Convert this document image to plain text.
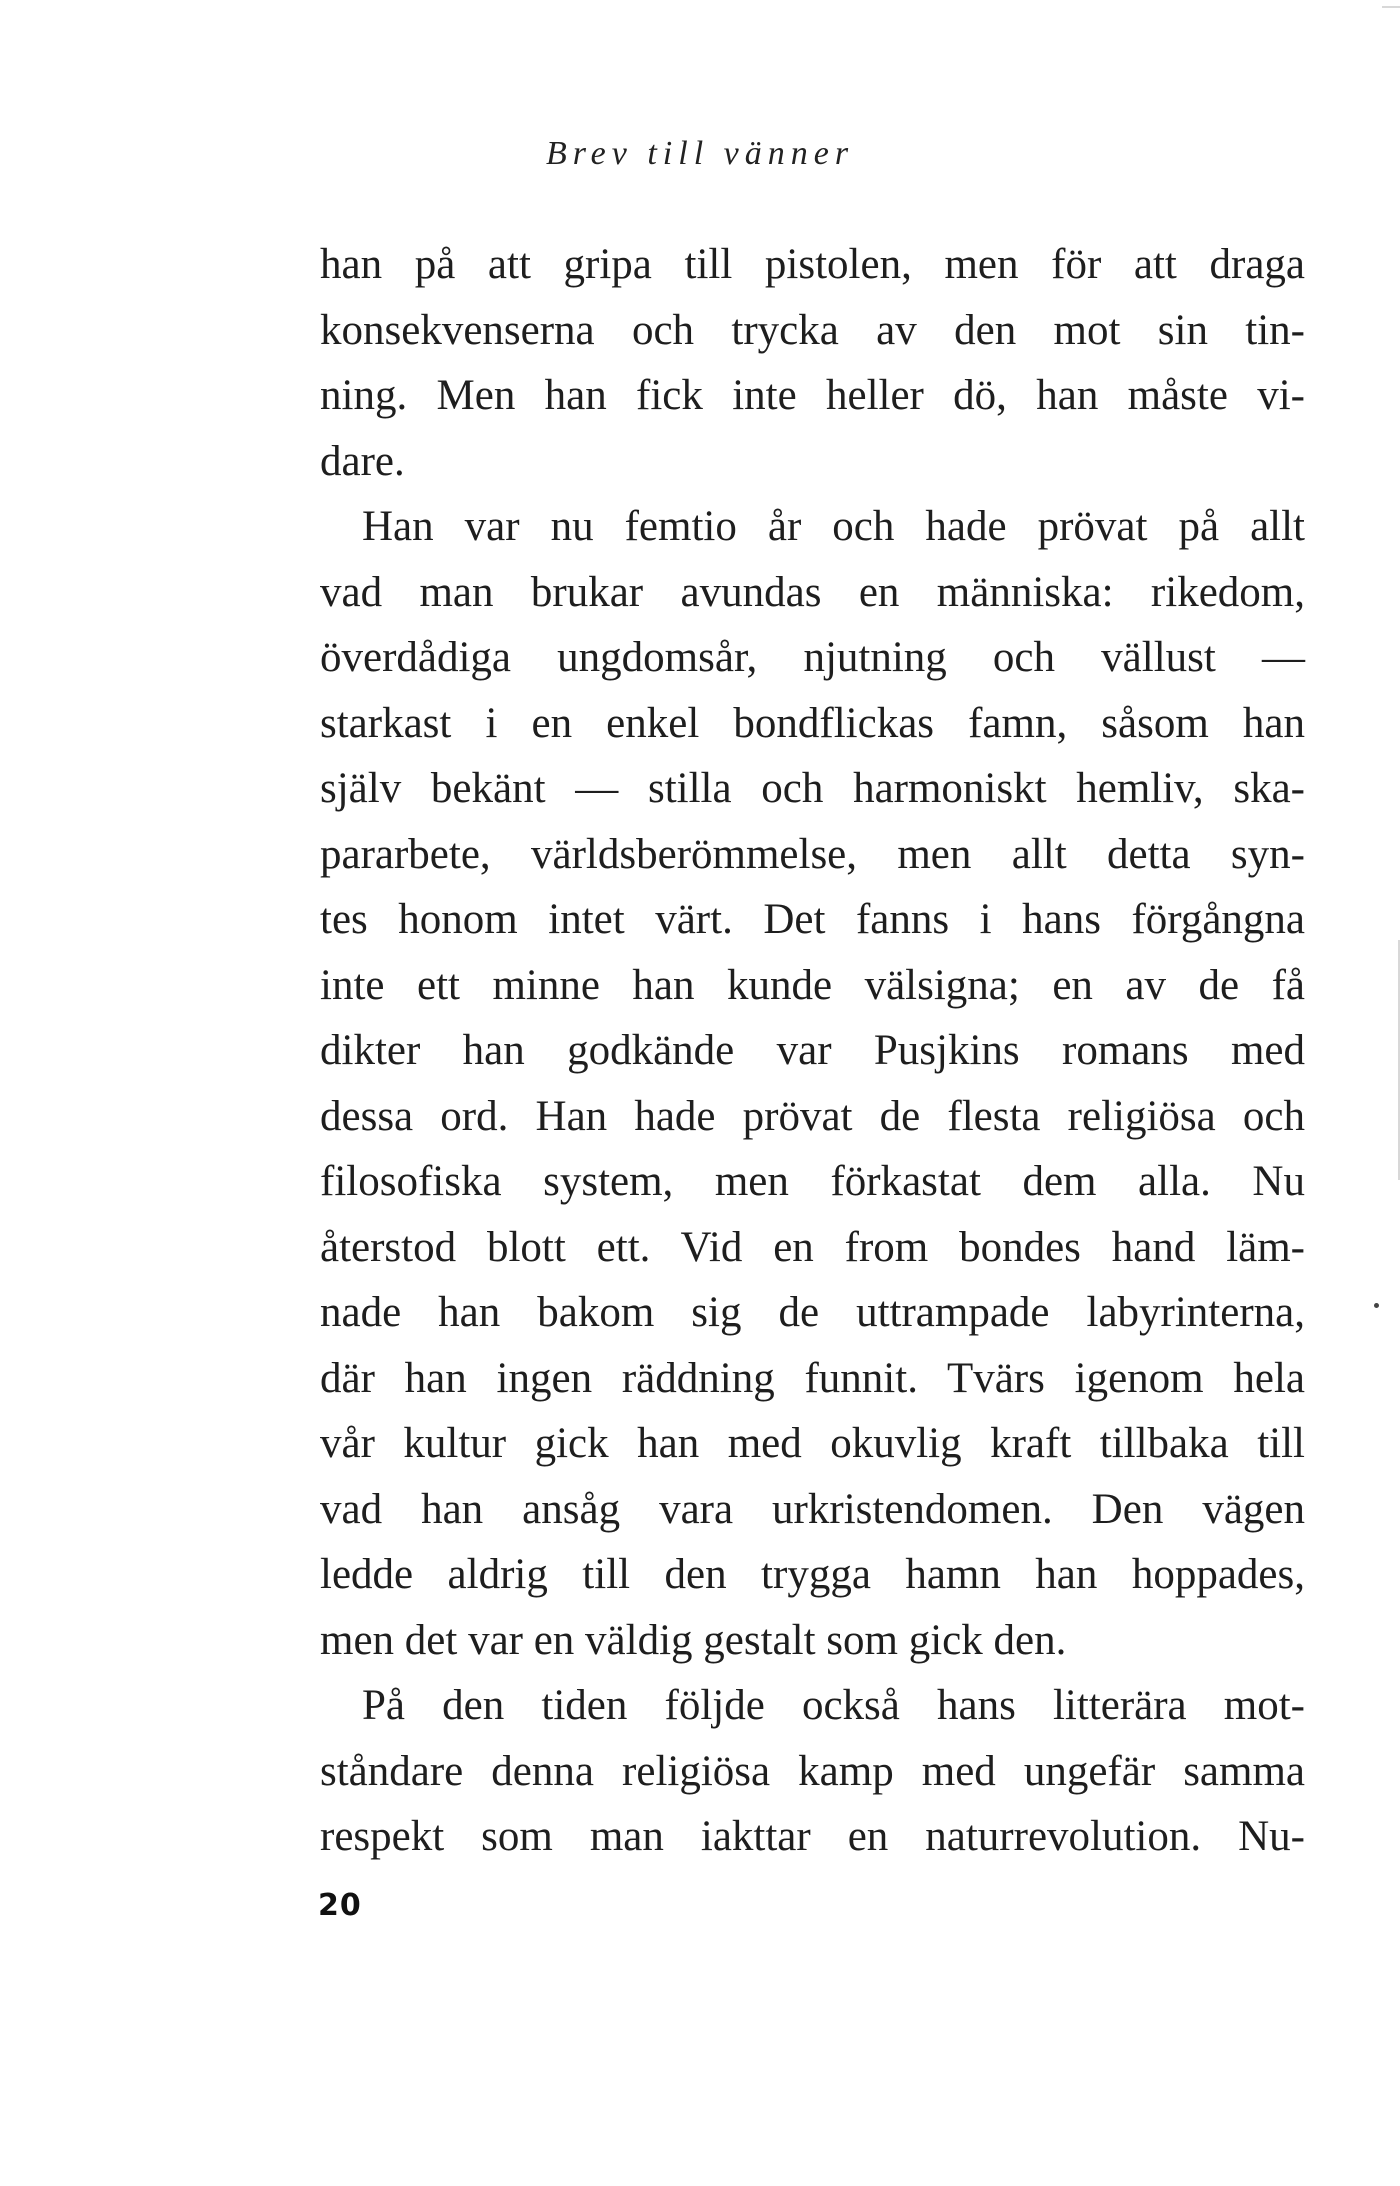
Brev till vänner
han på att gripa till pistolen, men för att draga
konsekvenserna och trycka av den mot sin tin-
ning. Men han fick inte heller dö, han måste vi-
dare.
Han var nu femtio år och hade prövat på allt
vad man brukar avundas en människa: rikedom,
överdådiga ungdomsår, njutning och vällust —
starkast i en enkel bondflickas famn, såsom han
själv bekänt — stilla och harmoniskt hemliv, ska-
pararbete, världsberömmelse, men allt detta syn-
tes honom intet värt. Det fanns i hans förgångna
inte ett minne han kunde välsigna; en av de få
dikter han godkände var Pusjkins romans med
dessa ord. Han hade prövat de flesta religiösa och
filosofiska system, men förkastat dem alla. Nu
återstod blott ett. Vid en from bondes hand läm-
nade han bakom sig de uttrampade labyrinterna,
där han ingen räddning funnit. Tvärs igenom hela
vår kultur gick han med okuvlig kraft tillbaka till
vad han ansåg vara urkristendomen. Den vägen
ledde aldrig till den trygga hamn han hoppades,
men det var en väldig gestalt som gick den.
På den tiden följde också hans litterära mot-
ståndare denna religiösa kamp med ungefär samma
respekt som man iakttar en naturrevolution. Nu-
20
